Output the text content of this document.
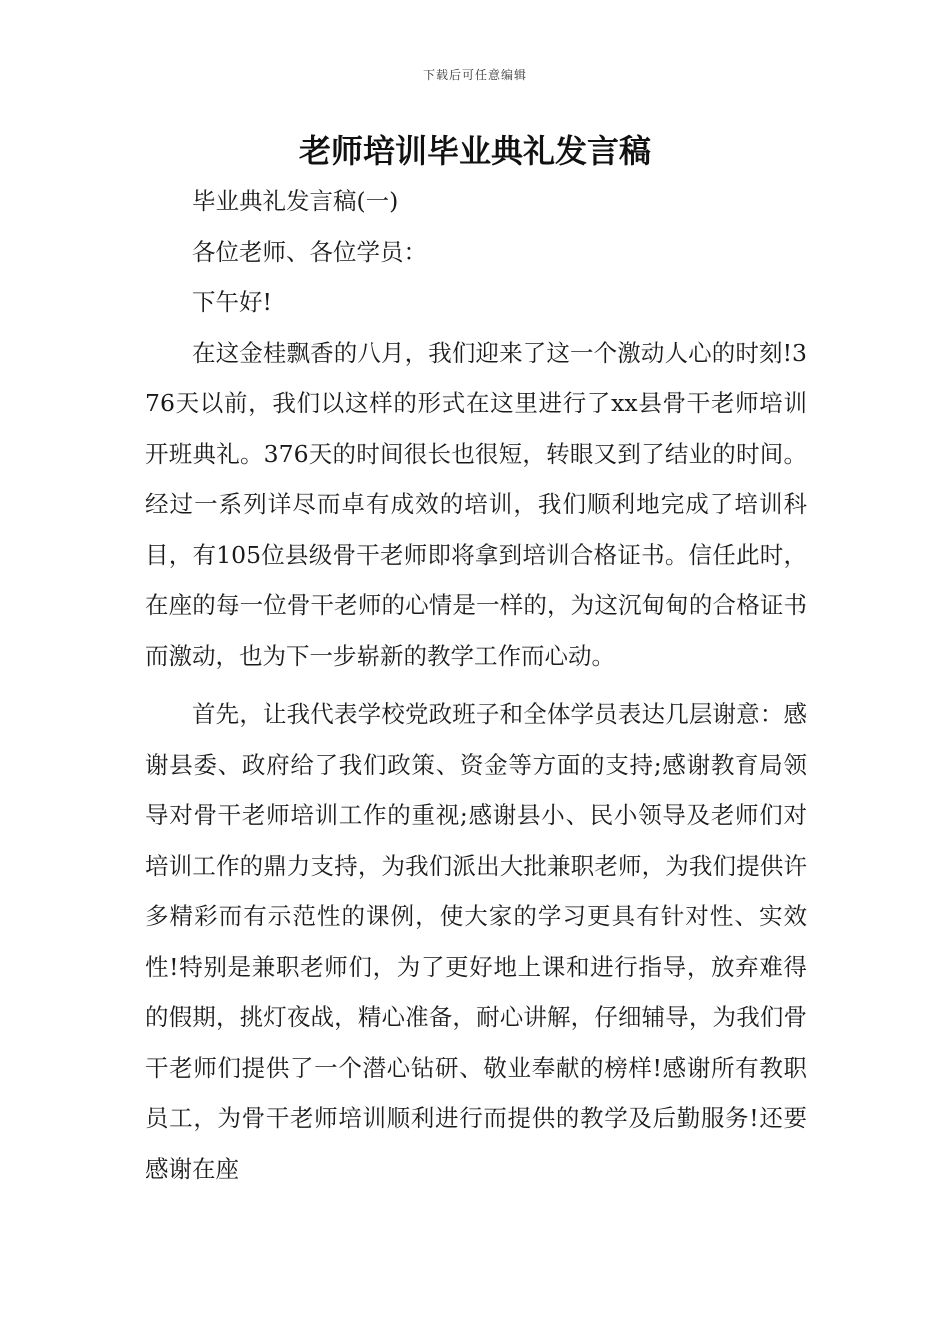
下载后可任意编辑
老师培训毕业典礼发言稿

毕业典礼发言稿(一)

各位老师、各位学员：

下午好!

在这金桂飘香的八月，我们迎来了这一个激动人心的时刻!376天以前，我们以这样的形式在这里进行了xx县骨干老师培训开班典礼。376天的时间很长也很短，转眼又到了结业的时间。经过一系列详尽而卓有成效的培训，我们顺利地完成了培训科目，有105位县级骨干老师即将拿到培训合格证书。信任此时，在座的每一位骨干老师的心情是一样的，为这沉甸甸的合格证书而激动，也为下一步崭新的教学工作而心动。

首先，让我代表学校党政班子和全体学员表达几层谢意：感谢县委、政府给了我们政策、资金等方面的支持;感谢教育局领导对骨干老师培训工作的重视;感谢县小、民小领导及老师们对培训工作的鼎力支持，为我们派出大批兼职老师，为我们提供许多精彩而有示范性的课例，使大家的学习更具有针对性、实效性!特别是兼职老师们，为了更好地上课和进行指导，放弃难得的假期，挑灯夜战，精心准备，耐心讲解，仔细辅导，为我们骨干老师们提供了一个潜心钻研、敬业奉献的榜样!感谢所有教职员工，为骨干老师培训顺利进行而提供的教学及后勤服务!还要感谢在座
